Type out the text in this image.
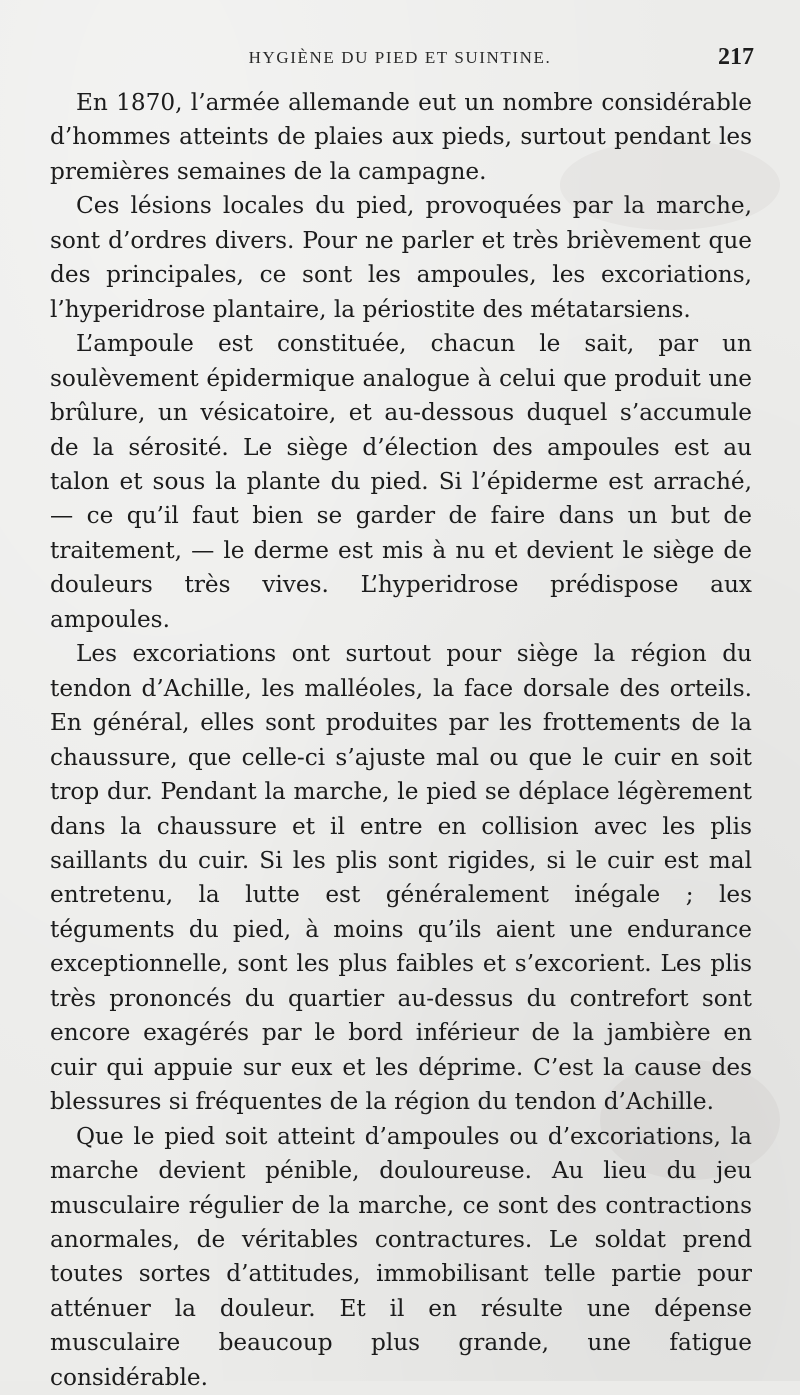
HYGIÈNE DU PIED ET SUINTINE.	217

En 1870, l’armée allemande eut un nombre considérable d’hommes atteints de plaies aux pieds, surtout pendant les premières semaines de la campagne.

Ces lésions locales du pied, provoquées par la marche, sont d’ordres divers. Pour ne parler et très brièvement que des principales, ce sont les ampoules, les excoriations, l’hyperidrose plantaire, la périostite des métatarsiens.

L’ampoule est constituée, chacun le sait, par un soulèvement épidermique analogue à celui que produit une brûlure, un vésicatoire, et au-dessous duquel s’accumule de la sérosité. Le siège d’élection des ampoules est au talon et sous la plante du pied. Si l’épiderme est arraché, — ce qu’il faut bien se garder de faire dans un but de traitement, — le derme est mis à nu et devient le siège de douleurs très vives. L’hyperidrose prédispose aux ampoules.

Les excoriations ont surtout pour siège la région du tendon d’Achille, les malléoles, la face dorsale des orteils. En général, elles sont produites par les frottements de la chaussure, que celle-ci s’ajuste mal ou que le cuir en soit trop dur. Pendant la marche, le pied se déplace légèrement dans la chaussure et il entre en collision avec les plis saillants du cuir. Si les plis sont rigides, si le cuir est mal entretenu, la lutte est généralement inégale ; les téguments du pied, à moins qu’ils aient une endurance exceptionnelle, sont les plus faibles et s’excorient. Les plis très prononcés du quartier au-dessus du contrefort sont encore exagérés par le bord inférieur de la jambière en cuir qui appuie sur eux et les déprime. C’est la cause des blessures si fréquentes de la région du tendon d’Achille.

Que le pied soit atteint d’ampoules ou d’excoriations, la marche devient pénible, douloureuse. Au lieu du jeu musculaire régulier de la marche, ce sont des contractions anormales, de véritables contractures. Le soldat prend toutes sortes d’attitudes, immobilisant telle partie pour atténuer la douleur. Et il en résulte une dépense musculaire beaucoup plus grande, une fatigue considérable.
